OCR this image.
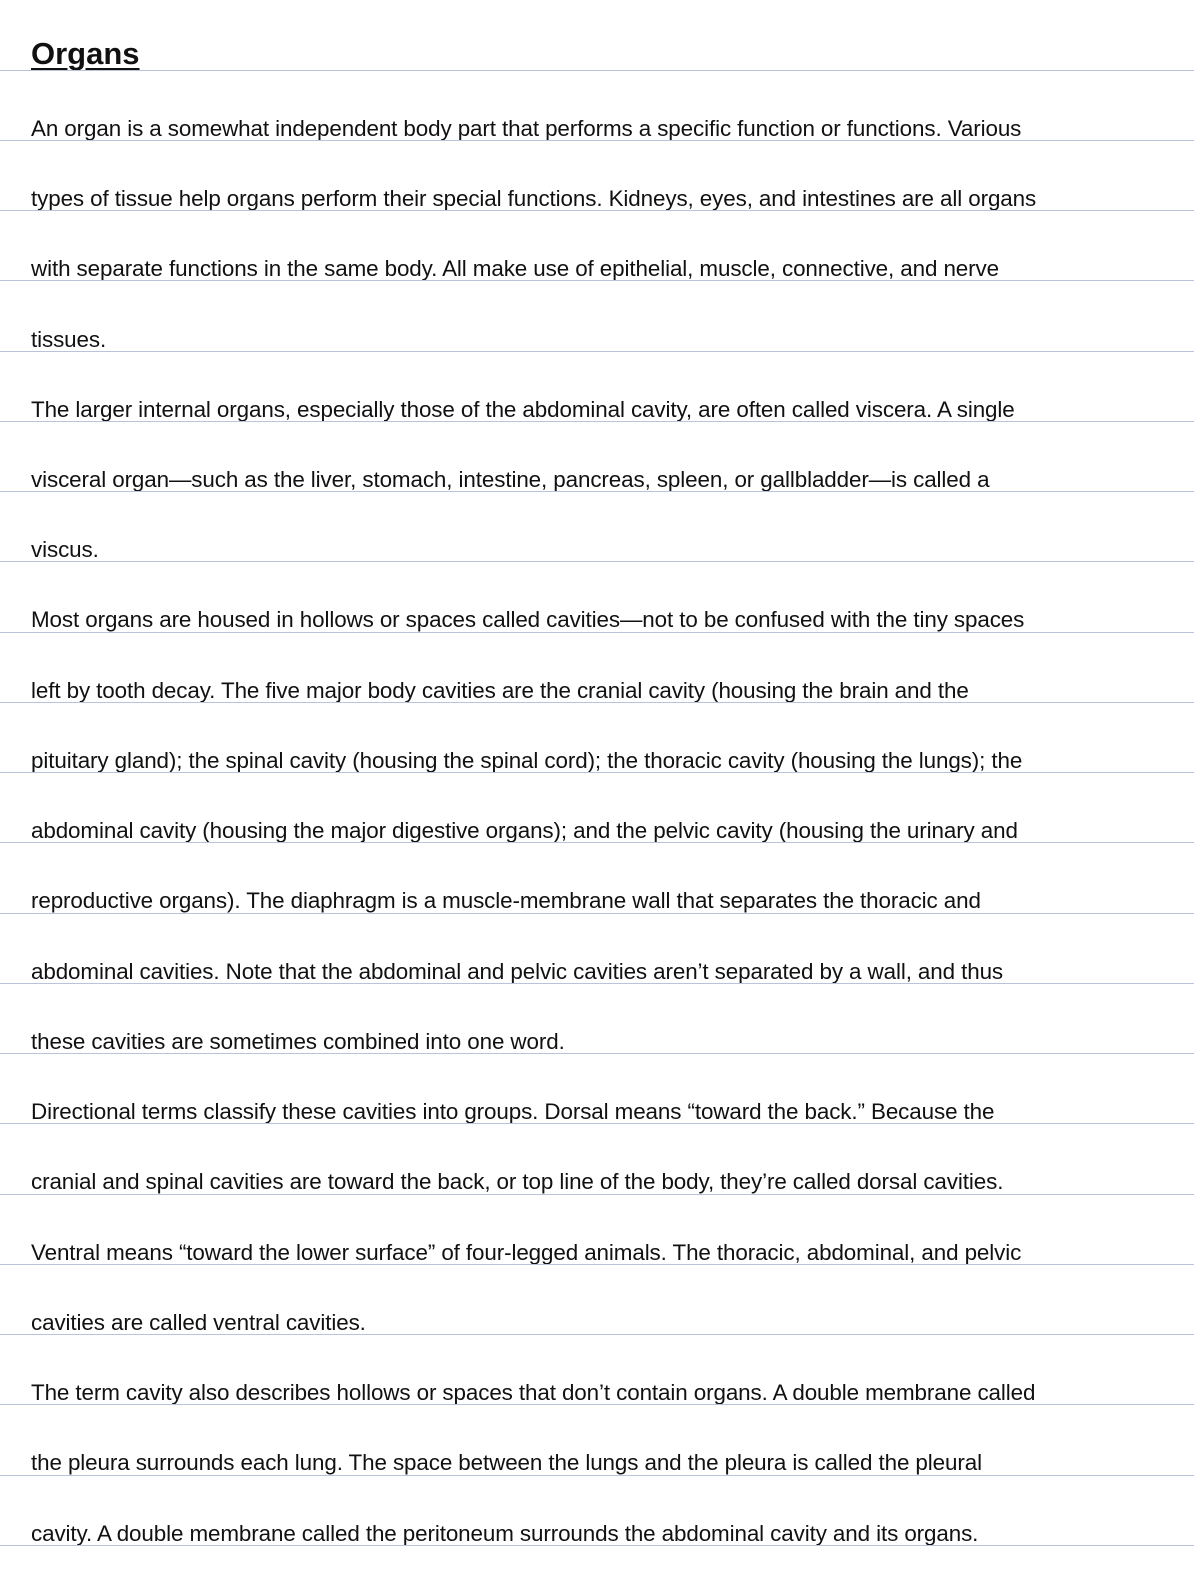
Organs
An organ is a somewhat independent body part that performs a specific function or functions. Various
types of tissue help organs perform their special functions. Kidneys, eyes, and intestines are all organs
with separate functions in the same body. All make use of epithelial, muscle, connective, and nerve
tissues.
The larger internal organs, especially those of the abdominal cavity, are often called viscera. A single
visceral organ—such as the liver, stomach, intestine, pancreas, spleen, or gallbladder—is called a
viscus.
Most organs are housed in hollows or spaces called cavities—not to be confused with the tiny spaces
left by tooth decay. The five major body cavities are the cranial cavity (housing the brain and the
pituitary gland); the spinal cavity (housing the spinal cord); the thoracic cavity (housing the lungs); the
abdominal cavity (housing the major digestive organs); and the pelvic cavity (housing the urinary and
reproductive organs). The diaphragm is a muscle-membrane wall that separates the thoracic and
abdominal cavities. Note that the abdominal and pelvic cavities aren’t separated by a wall, and thus
these cavities are sometimes combined into one word.
Directional terms classify these cavities into groups. Dorsal means “toward the back.” Because the
cranial and spinal cavities are toward the back, or top line of the body, they’re called dorsal cavities.
Ventral means “toward the lower surface” of four-legged animals. The thoracic, abdominal, and pelvic
cavities are called ventral cavities.
The term cavity also describes hollows or spaces that don’t contain organs. A double membrane called
the pleura surrounds each lung. The space between the lungs and the pleura is called the pleural
cavity. A double membrane called the peritoneum surrounds the abdominal cavity and its organs.
